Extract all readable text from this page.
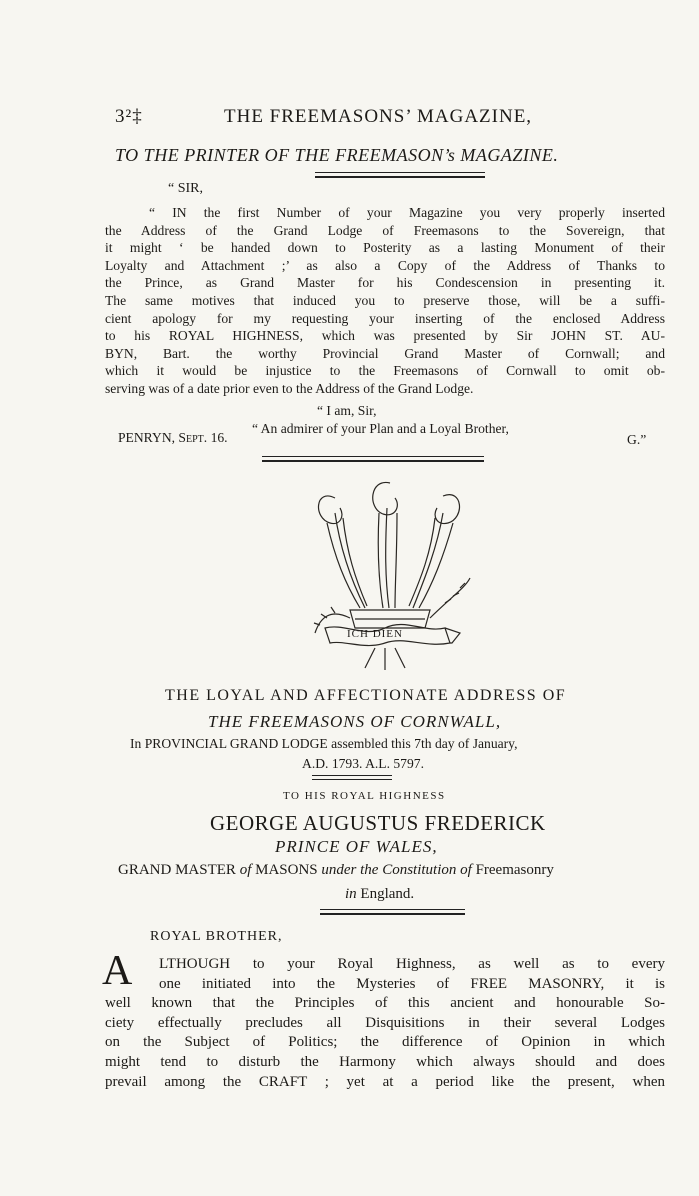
3²‡	THE FREEMASONS’ MAGAZINE,
TO THE PRINTER OF THE FREEMASON’s MAGAZINE.
“ SIR,
“ IN the first Number of your Magazine you very properly inserted
the Address of the Grand Lodge of Freemasons to the Sovereign, that
it might ‘ be handed down to Posterity as a lasting Monument of their
Loyalty and Attachment ;’ as also a Copy of the Address of Thanks to
the Prince, as Grand Master for his Condescension in presenting it.
The same motives that induced you to preserve those, will be a suffi-
cient apology for my requesting your inserting of the enclosed Address
to his ROYAL HIGHNESS, which was presented by Sir JOHN ST. AU-
BYN, Bart. the worthy Provincial Grand Master of Cornwall; and
which it would be injustice to the Freemasons of Cornwall to omit ob-
serving was of a date prior even to the Address of the Grand Lodge.
“ I am, Sir,
“ An admirer of your Plan and a Loyal Brother,
PENRYN, Sept. 16.	G.”
ICH DIEN
THE LOYAL AND AFFECTIONATE ADDRESS OF
THE FREEMASONS OF CORNWALL,
In PROVINCIAL GRAND LODGE assembled this 7th day of January,
A.D. 1793. A.L. 5797.
TO HIS ROYAL HIGHNESS
GEORGE AUGUSTUS FREDERICK
PRINCE OF WALES,
GRAND MASTER of MASONS under the Constitution of Freemasonry
in England.
ROYAL BROTHER,
A	LTHOUGH to your Royal Highness, as well as to every
one initiated into the Mysteries of FREE MASONRY, it is
well known that the Principles of this ancient and honourable So-
ciety effectually precludes all Disquisitions in their several Lodges
on the Subject of Politics; the difference of Opinion in which
might tend to disturb the Harmony which always should and does
prevail among the CRAFT ; yet at a period like the present, when
